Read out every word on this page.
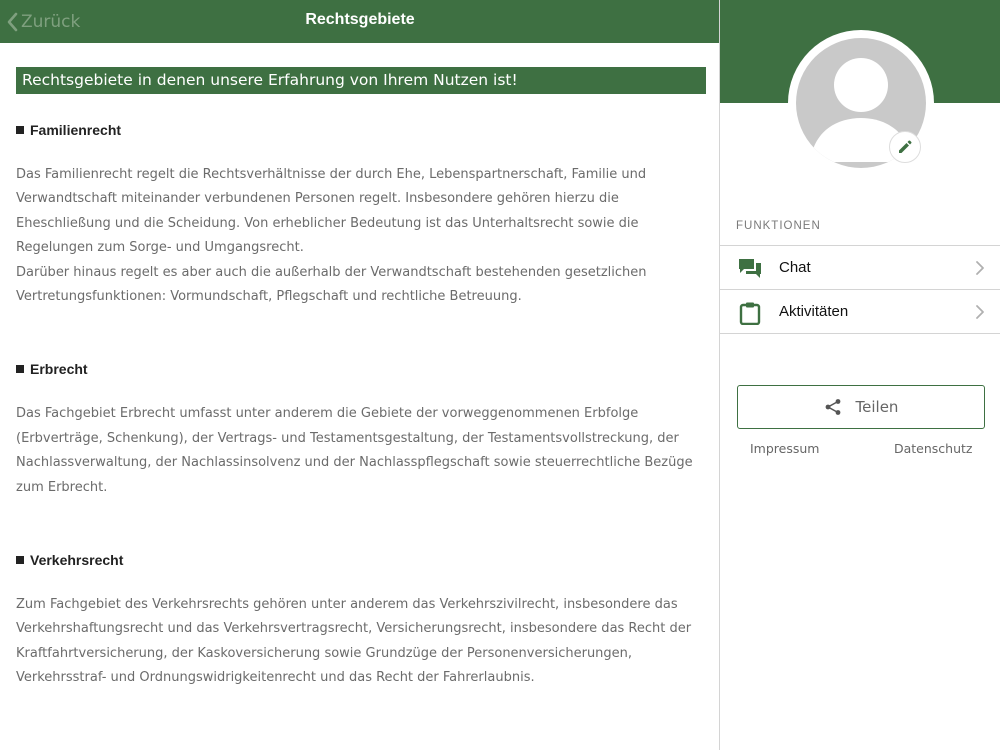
Zurück	Rechtsgebiete
Rechtsgebiete in denen unsere Erfahrung von Ihrem Nutzen ist!
Familienrecht

Das Familienrecht regelt die Rechtsverhältnisse der durch Ehe, Lebenspartnerschaft, Familie und Verwandtschaft miteinander verbundenen Personen regelt. Insbesondere gehören hierzu die Eheschließung und die Scheidung. Von erheblicher Bedeutung ist das Unterhaltsrecht sowie die Regelungen zum Sorge- und Umgangsrecht.

Darüber hinaus regelt es aber auch die außerhalb der Verwandtschaft bestehenden gesetzlichen Vertretungsfunktionen: Vormundschaft, Pflegschaft und rechtliche Betreuung.

Erbrecht

Das Fachgebiet Erbrecht umfasst unter anderem die Gebiete der vorweggenommenen Erbfolge (Erbverträge, Schenkung), der Vertrags- und Testamentsgestaltung, der Testamentsvollstreckung, der Nachlassverwaltung, der Nachlassinsolvenz und der Nachlasspflegschaft sowie steuerrechtliche Bezüge zum Erbrecht.

Verkehrsrecht

Zum Fachgebiet des Verkehrsrechts gehören unter anderem das Verkehrszivilrecht, insbesondere das Verkehrshaftungsrecht und das Verkehrsvertragsrecht, Versicherungsrecht, insbesondere das Recht der Kraftfahrtversicherung, der Kaskoversicherung sowie Grundzüge der Personenversicherungen, Verkehrsstraf- und Ordnungswidrigkeitenrecht und das Recht der Fahrerlaubnis.

FUNKTIONEN
Chat
Aktivitäten
Teilen
Impressum	Datenschutz
